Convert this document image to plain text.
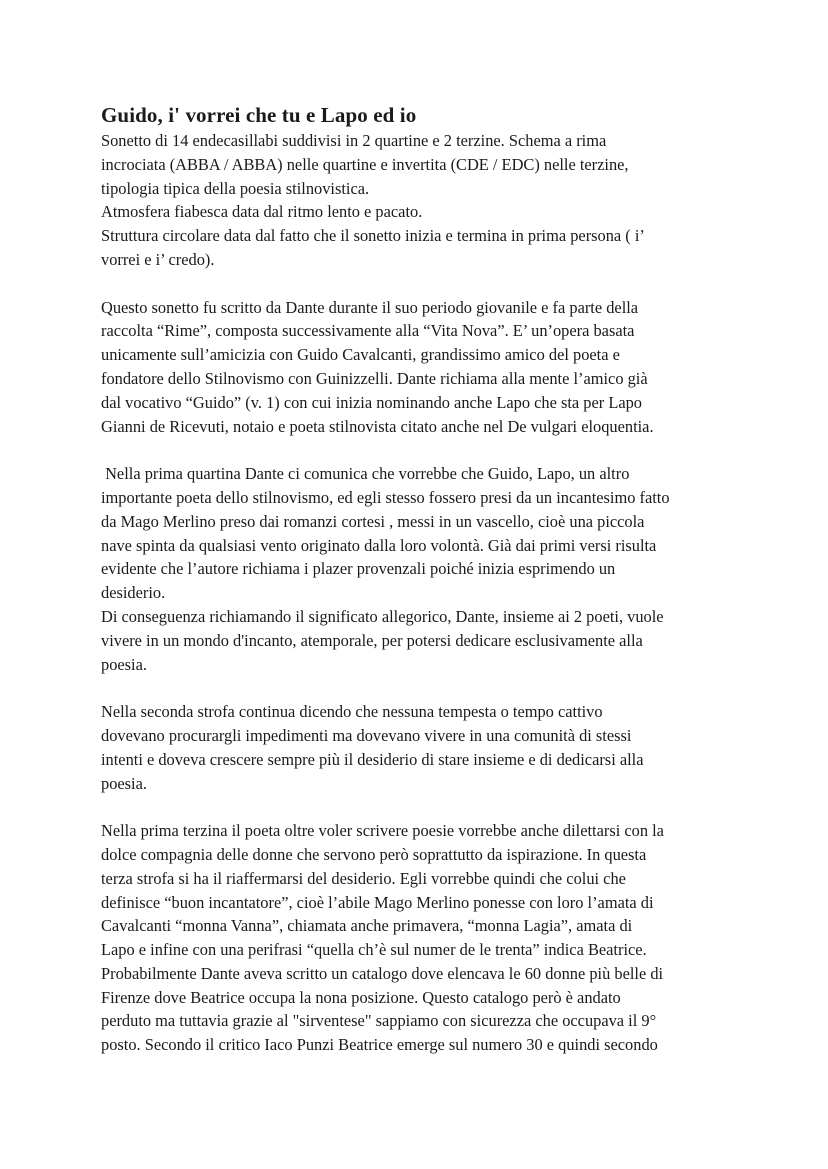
Guido, i' vorrei che tu e Lapo ed io
Sonetto di 14 endecasillabi suddivisi in 2 quartine e 2 terzine. Schema a rima
incrociata (ABBA / ABBA) nelle quartine e invertita (CDE / EDC) nelle terzine,
tipologia tipica della poesia stilnovistica.
Atmosfera fiabesca data dal ritmo lento e pacato.
Struttura circolare data dal fatto che il sonetto inizia e termina in prima persona ( i’
vorrei e i’ credo).
Questo sonetto fu scritto da Dante durante il suo periodo giovanile e fa parte della
raccolta “Rime”, composta successivamente alla “Vita Nova”. E’ un’opera basata
unicamente sull’amicizia con Guido Cavalcanti, grandissimo amico del poeta e
fondatore dello Stilnovismo con Guinizzelli. Dante richiama alla mente l’amico già
dal vocativo “Guido” (v. 1) con cui inizia nominando anche Lapo che sta per Lapo
Gianni de Ricevuti, notaio e poeta stilnovista citato anche nel De vulgari eloquentia.
Nella prima quartina Dante ci comunica che vorrebbe che Guido, Lapo, un altro
importante poeta dello stilnovismo, ed egli stesso fossero presi da un incantesimo fatto
da Mago Merlino preso dai romanzi cortesi , messi in un vascello, cioè una piccola
nave spinta da qualsiasi vento originato dalla loro volontà. Già dai primi versi risulta
evidente che l’autore richiama i plazer provenzali poiché inizia esprimendo un
desiderio.
Di conseguenza richiamando il significato allegorico, Dante, insieme ai 2 poeti, vuole
vivere in un mondo d'incanto, atemporale, per potersi dedicare esclusivamente alla
poesia.
Nella seconda strofa continua dicendo che nessuna tempesta o tempo cattivo
dovevano procurargli impedimenti ma dovevano vivere in una comunità di stessi
intenti e doveva crescere sempre più il desiderio di stare insieme e di dedicarsi alla
poesia.
Nella prima terzina il poeta oltre voler scrivere poesie vorrebbe anche dilettarsi con la
dolce compagnia delle donne che servono però soprattutto da ispirazione. In questa
terza strofa si ha il riaffermarsi del desiderio. Egli vorrebbe quindi che colui che
definisce “buon incantatore”, cioè l’abile Mago Merlino ponesse con loro l’amata di
Cavalcanti “monna Vanna”, chiamata anche primavera, “monna Lagia”, amata di
Lapo e infine con una perifrasi “quella ch’è sul numer de le trenta” indica Beatrice.
Probabilmente Dante aveva scritto un catalogo dove elencava le 60 donne più belle di
Firenze dove Beatrice occupa la nona posizione. Questo catalogo però è andato
perduto ma tuttavia grazie al "sirventese" sappiamo con sicurezza che occupava il 9°
posto. Secondo il critico Iaco Punzi Beatrice emerge sul numero 30 e quindi secondo
